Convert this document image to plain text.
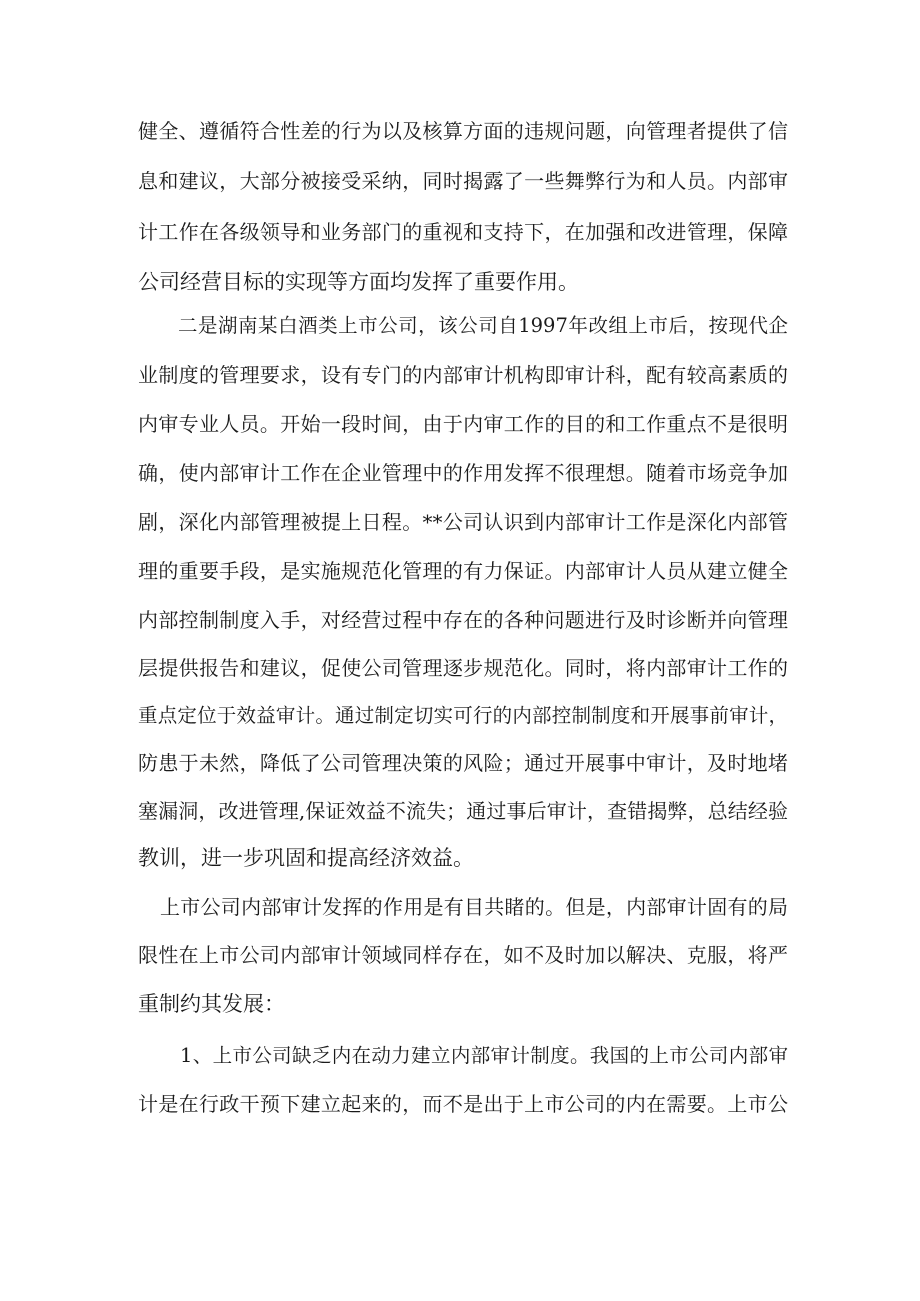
健全、遵循符合性差的行为以及核算方面的违规问题，向管理者提供了信
息和建议，大部分被接受采纳，同时揭露了一些舞弊行为和人员。内部审
计工作在各级领导和业务部门的重视和支持下，在加强和改进管理，保障
公司经营目标的实现等方面均发挥了重要作用。
二是湖南某白酒类上市公司，该公司自1997年改组上市后，按现代企
业制度的管理要求，设有专门的内部审计机构即审计科，配有较高素质的
内审专业人员。开始一段时间，由于内审工作的目的和工作重点不是很明
确，使内部审计工作在企业管理中的作用发挥不很理想。随着市场竞争加
剧，深化内部管理被提上日程。**公司认识到内部审计工作是深化内部管
理的重要手段，是实施规范化管理的有力保证。内部审计人员从建立健全
内部控制制度入手，对经营过程中存在的各种问题进行及时诊断并向管理
层提供报告和建议，促使公司管理逐步规范化。同时，将内部审计工作的
重点定位于效益审计。通过制定切实可行的内部控制制度和开展事前审计，
防患于未然，降低了公司管理决策的风险；通过开展事中审计，及时地堵
塞漏洞，改进管理,保证效益不流失；通过事后审计，查错揭弊，总结经验
教训，进一步巩固和提高经济效益。
上市公司内部审计发挥的作用是有目共睹的。但是，内部审计固有的局
限性在上市公司内部审计领域同样存在，如不及时加以解决、克服，将严
重制约其发展：
1、上市公司缺乏内在动力建立内部审计制度。我国的上市公司内部审
计是在行政干预下建立起来的，而不是出于上市公司的内在需要。上市公
